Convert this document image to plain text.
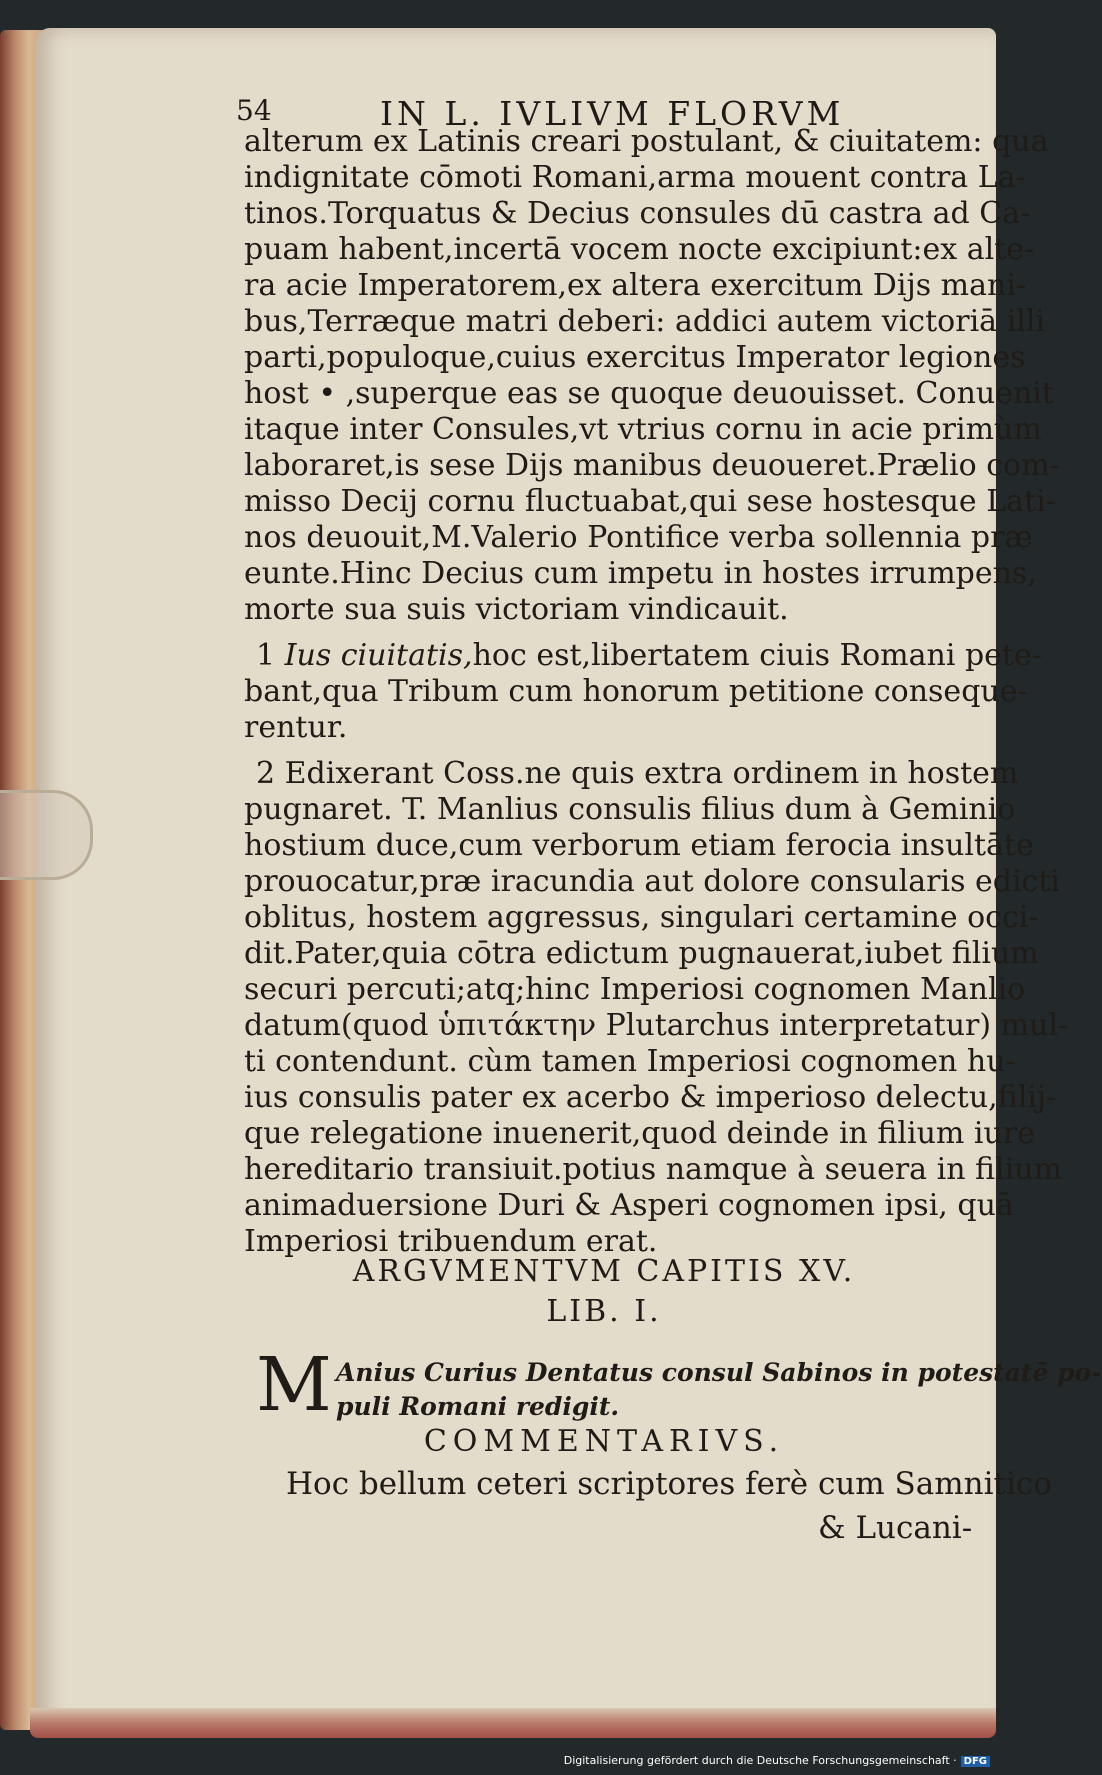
54	IN L. IVLIVM FLORVM
alterum ex Latinis creari postulant, & ciuitatem: qua
indignitate cōmoti Romani,arma mouent contra La-
tinos.Torquatus & Decius consules dū castra ad Ca-
puam habent,incertā vocem nocte excipiunt:ex alte-
ra acie Imperatorem,ex altera exercitum Dijs mani-
bus,Terræque matri deberi: addici autem victoriā illi
parti,populoque,cuius exercitus Imperator legiones
host • ,superque eas se quoque deuouisset. Conuenit
itaque inter Consules,vt vtrius cornu in acie primùm
laboraret,is sese Dijs manibus deuoueret.Prælio com-
misso Decij cornu fluctuabat,qui sese hostesque Lati-
nos deuouit,M.Valerio Pontifice verba sollennia præ
eunte.Hinc Decius cum impetu in hostes irrumpens,
morte sua suis victoriam vindicauit.
1 Ius ciuitatis,hoc est,libertatem ciuis Romani pete-
bant,qua Tribum cum honorum petitione conseque-
rentur.
2 Edixerant Coss.ne quis extra ordinem in hostem
pugnaret. T. Manlius consulis filius dum à Geminio
hostium duce,cum verborum etiam ferocia insultāte
prouocatur,præ iracundia aut dolore consularis edicti
oblitus, hostem aggressus, singulari certamine occi-
dit.Pater,quia cōtra edictum pugnauerat,iubet filium
securi percuti;atq;hinc Imperiosi cognomen Manlio
datum(quod ὑπιτάκτην Plutarchus interpretatur) mul-
ti contendunt. cùm tamen Imperiosi cognomen hu-
ius consulis pater ex acerbo & imperioso delectu,filij-
que relegatione inuenerit,quod deinde in filium iure
hereditario transiuit.potius namque à seuera in filium
animaduersione Duri & Asperi cognomen ipsi, quā
Imperiosi tribuendum erat.
ARGVMENTVM CAPITIS XV.
LIB. I.
M Anius Curius Dentatus consul Sabinos in potestatē po-
puli Romani redigit.
COMMENTARIVS.
Hoc bellum ceteri scriptores ferè cum Samnitico
& Lucani-
Digitalisierung gefördert durch die Deutsche Forschungsgemeinschaft · DFG
